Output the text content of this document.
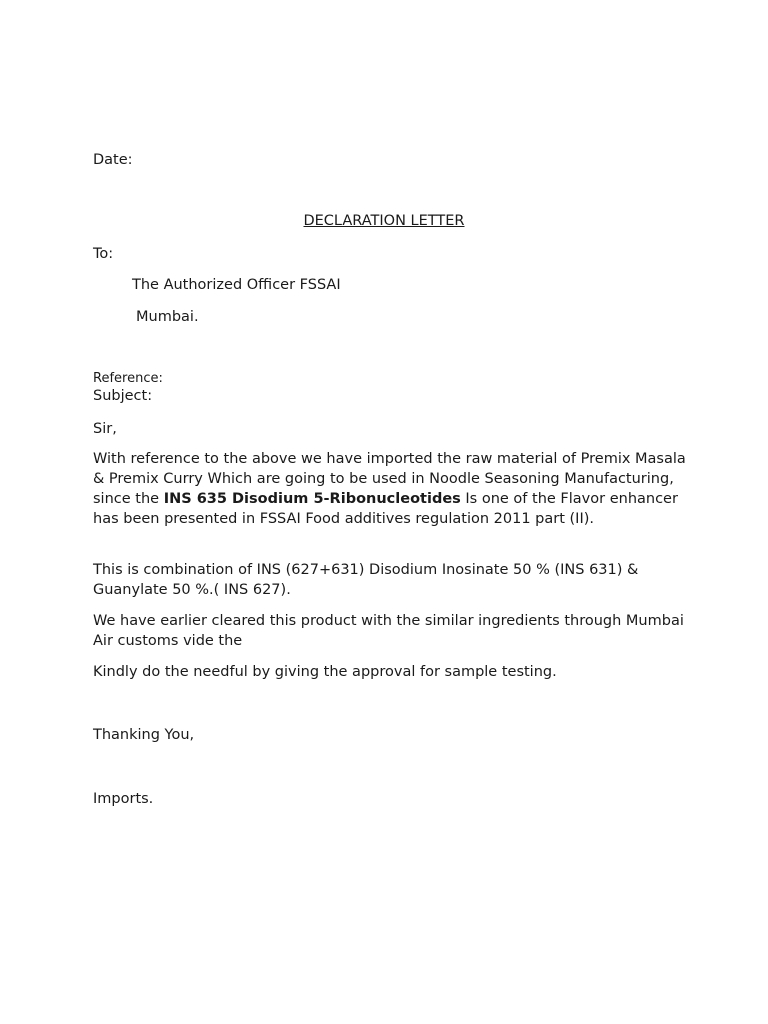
Date:
DECLARATION LETTER
To:
The Authorized Officer FSSAI
Mumbai.
Reference:
Subject:
Sir,
With reference to the above we have imported the raw material of Premix Masala & Premix Curry Which are going to be used in Noodle Seasoning Manufacturing, since the INS 635 Disodium 5-Ribonucleotides Is one of the Flavor enhancer has been presented in FSSAI Food additives regulation 2011 part (II).
This is combination of INS (627+631) Disodium Inosinate 50 % (INS 631) & Guanylate 50 %.( INS 627).
We have earlier cleared this product with the similar ingredients through Mumbai Air customs vide the
Kindly do the needful by giving the approval for sample testing.
Thanking You,
Imports.
